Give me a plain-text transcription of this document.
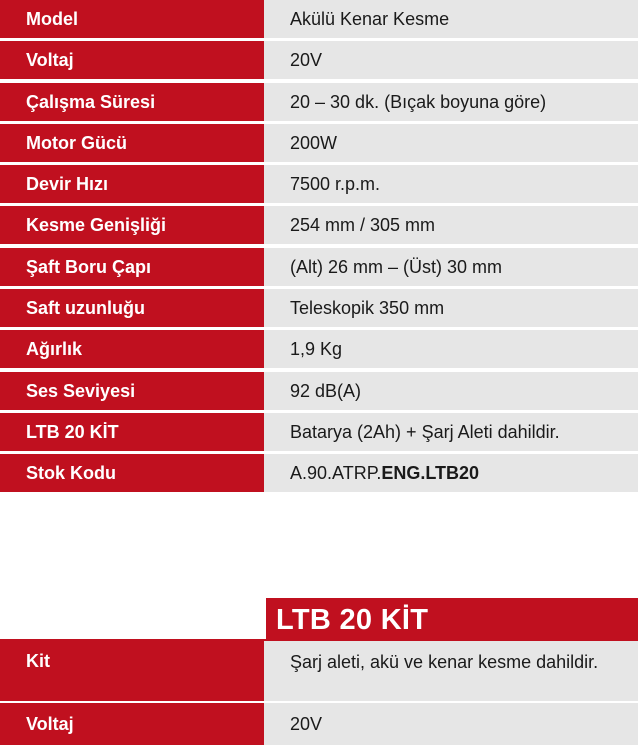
Model	Akülü Kenar Kesme
Voltaj	20V
Çalışma Süresi	20 – 30 dk. (Bıçak boyuna göre)
Motor Gücü	200W
Devir Hızı	7500 r.p.m.
Kesme Genişliği	254 mm / 305 mm
Şaft Boru Çapı	(Alt) 26 mm – (Üst) 30 mm
Saft uzunluğu	Teleskopik 350 mm
Ağırlık	1,9 Kg
Ses Seviyesi	92 dB(A)
LTB 20 KİT	Batarya (2Ah) + Şarj Aleti dahildir.
Stok Kodu	A.90.ATRP.ENG.LTB20
LTB 20 KİT
Kit	Şarj aleti, akü ve kenar kesme dahildir.
Voltaj	20V
